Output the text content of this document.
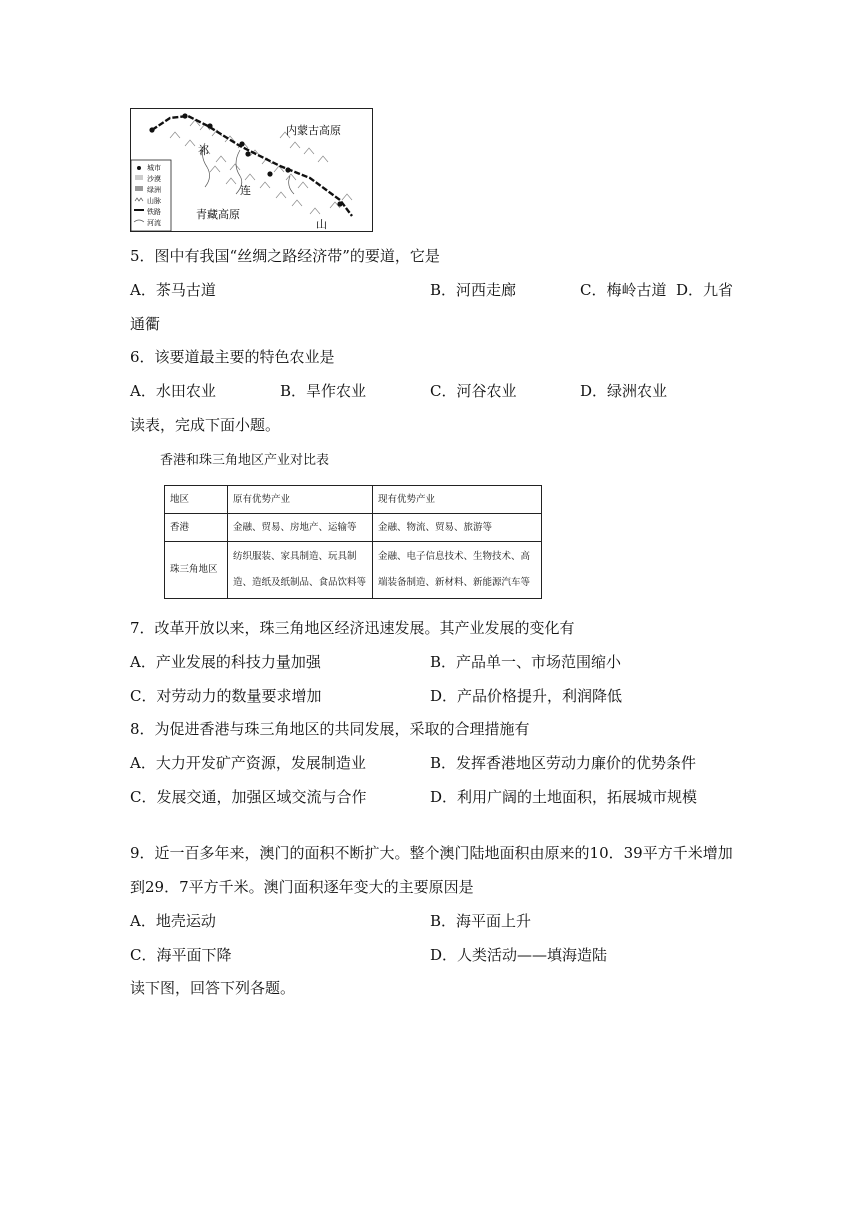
城市
沙漠
绿洲
山脉
铁路
河流
内蒙古高原
青藏高原
祁
连
山
5．图中有我国“丝绸之路经济带”的要道，它是
A．茶马古道	B．河西走廊	C．梅岭古道 D．九省
通衢
6．该要道最主要的特色农业是
A．水田农业	B．旱作农业	C．河谷农业	D．绿洲农业
读表，完成下面小题。
香港和珠三角地区产业对比表
地区	原有优势产业	现有优势产业
香港	金融、贸易、房地产、运输等	金融、物流、贸易、旅游等
珠三角地区	纺织服装、家具制造、玩具制造、造纸及纸制品、食品饮料等	金融、电子信息技术、生物技术、高端装备制造、新材料、新能源汽车等
7．改革开放以来，珠三角地区经济迅速发展。其产业发展的变化有
A．产业发展的科技力量加强	B．产品单一、市场范围缩小
C．对劳动力的数量要求增加	D．产品价格提升，利润降低
8．为促进香港与珠三角地区的共同发展，采取的合理措施有
A．大力开发矿产资源，发展制造业	B．发挥香港地区劳动力廉价的优势条件
C．发展交通，加强区域交流与合作	D．利用广阔的土地面积，拓展城市规模
9．近一百多年来，澳门的面积不断扩大。整个澳门陆地面积由原来的10．39平方千米增加
到29．7平方千米。澳门面积逐年变大的主要原因是
A．地壳运动	B．海平面上升
C．海平面下降	D．人类活动——填海造陆
读下图，回答下列各题。
